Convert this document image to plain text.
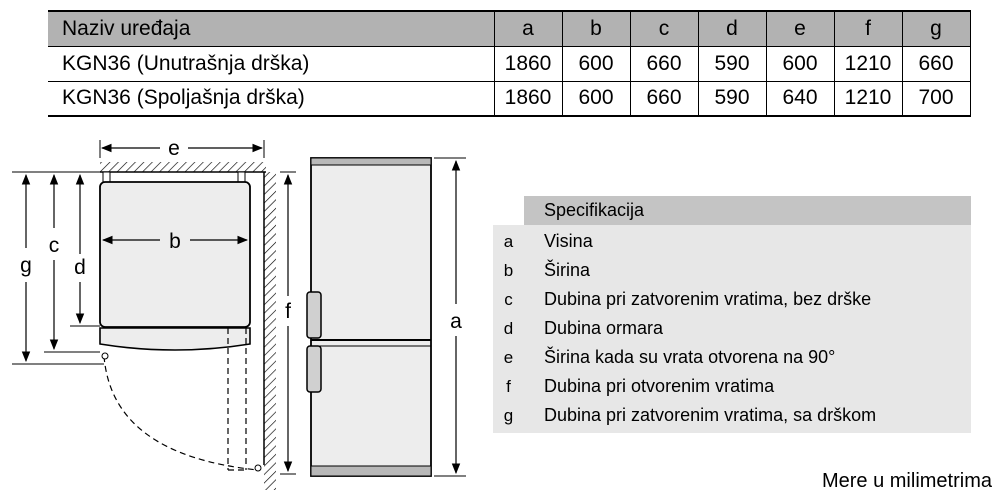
Naziv uređaja	a	b	c	d	e	f	g
KGN36 (Unutrašnja drška)	1860	600	660	590	600	1210	660
KGN36 (Spoljašnja drška)	1860	600	660	590	640	1210	700
e
b
g
c
d
f	a
Specifikacija
a	Visina
b	Širina
c	Dubina pri zatvorenim vratima, bez drške
d	Dubina ormara
e	Širina kada su vrata otvorena na 90°
f	Dubina pri otvorenim vratima
g	Dubina pri zatvorenim vratima, sa drškom
Mere u milimetrima
